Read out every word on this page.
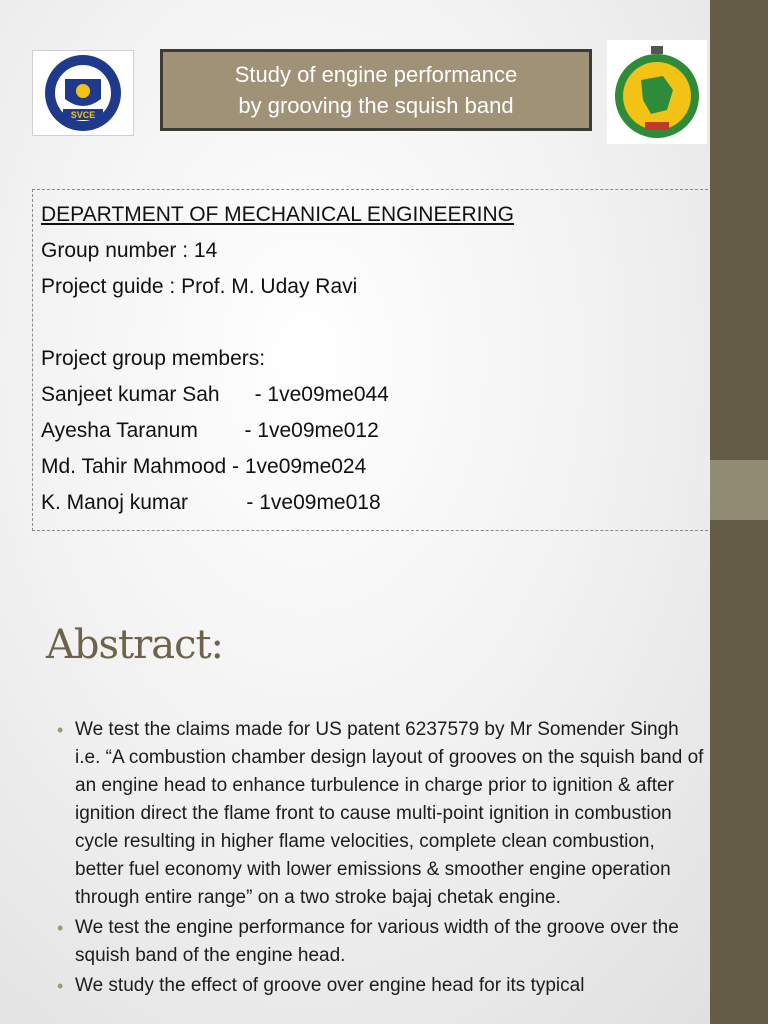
SVCE
Study of engine performance
by grooving the squish band
DEPARTMENT OF MECHANICAL ENGINEERING
Group number : 14
Project guide : Prof. M. Uday Ravi
Project group members:
Sanjeet kumar Sah      - 1ve09me044
Ayesha Taranum        - 1ve09me012
Md. Tahir Mahmood - 1ve09me024
K. Manoj kumar          - 1ve09me018
Abstract:
• We test the claims made for US patent 6237579 by Mr Somender Singh i.e. “A combustion chamber design layout of grooves on the squish band of an engine head to enhance turbulence in charge prior to ignition & after ignition direct the flame front to cause multi-point ignition in combustion cycle resulting in higher flame velocities, complete clean combustion, better fuel economy with lower emissions & smoother engine operation through entire range” on a two stroke bajaj chetak engine.
• We test the engine performance for various width of the groove over the squish band of the engine head.
• We study the effect of groove over engine head for its typical
